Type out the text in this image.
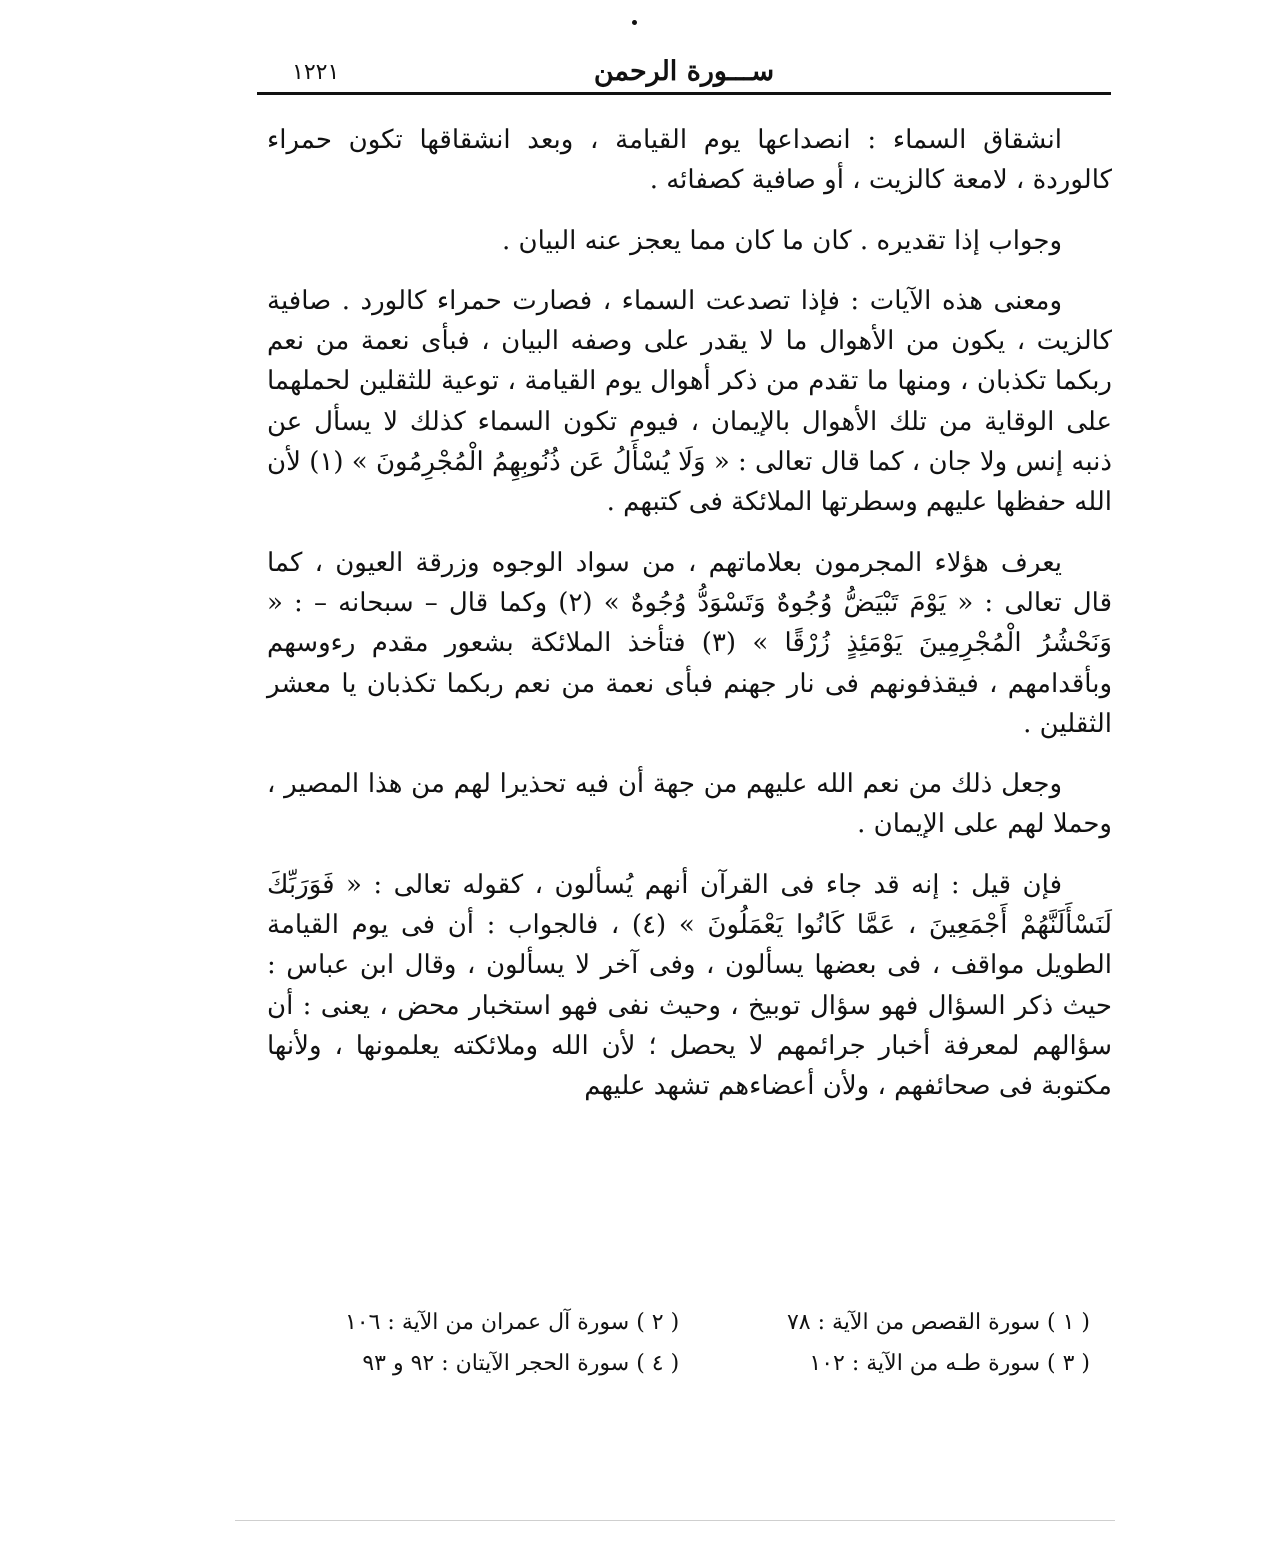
ســـورة الرحمن
١٢٢١

انشقاق السماء : انصداعها يوم القيامة ، وبعد انشقاقها تكون حمراء كالوردة ، لامعة كالزيت ، أو صافية كصفائه .

وجواب إذا تقديره . كان ما كان مما يعجز عنه البيان .

ومعنى هذه الآيات : فإذا تصدعت السماء ، فصارت حمراء كالورد . صافية كالزيت ، يكون من الأهوال ما لا يقدر على وصفه البيان ، فبأى نعمة من نعم ربكما تكذبان ، ومنها ما تقدم من ذكر أهوال يوم القيامة ، توعية للثقلين لحملهما على الوقاية من تلك الأهوال بالإيمان ، فيوم تكون السماء كذلك لا يسأل عن ذنبه إنس ولا جان ، كما قال تعالى : « وَلَا يُسْأَلُ عَن ذُنُوبِهِمُ الْمُجْرِمُونَ » (١) لأن الله حفظها عليهم وسطرتها الملائكة فى كتبهم .

يعرف هؤلاء المجرمون بعلاماتهم ، من سواد الوجوه وزرقة العيون ، كما قال تعالى : « يَوْمَ تَبْيَضُّ وُجُوهٌ وَتَسْوَدُّ وُجُوهٌ » (٢) وكما قال – سبحانه – : « وَنَحْشُرُ الْمُجْرِمِينَ يَوْمَئِذٍ زُرْقًا » (٣) فتأخذ الملائكة بشعور مقدم رءوسهم وبأقدامهم ، فيقذفونهم فى نار جهنم فبأى نعمة من نعم ربكما تكذبان يا معشر الثقلين .

وجعل ذلك من نعم الله عليهم من جهة أن فيه تحذيرا لهم من هذا المصير ، وحملا لهم على الإيمان .

فإن قيل : إنه قد جاء فى القرآن أنهم يُسألون ، كقوله تعالى : « فَوَرَبِّكَ لَنَسْأَلَنَّهُمْ أَجْمَعِينَ ، عَمَّا كَانُوا يَعْمَلُونَ » (٤) ، فالجواب : أن فى يوم القيامة الطويل مواقف ، فى بعضها يسألون ، وفى آخر لا يسألون ، وقال ابن عباس : حيث ذكر السؤال فهو سؤال توبيخ ، وحيث نفى فهو استخبار محض ، يعنى : أن سؤالهم لمعرفة أخبار جرائمهم لا يحصل ؛ لأن الله وملائكته يعلمونها ، ولأنها مكتوبة فى صحائفهم ، ولأن أعضاءهم تشهد عليهم

( ١ ) سورة القصص من الآية : ٧٨
( ٢ ) سورة آل عمران من الآية : ١٠٦
( ٣ ) سورة طـه من الآية : ١٠٢
( ٤ ) سورة الحجر الآيتان : ٩٢ و ٩٣
